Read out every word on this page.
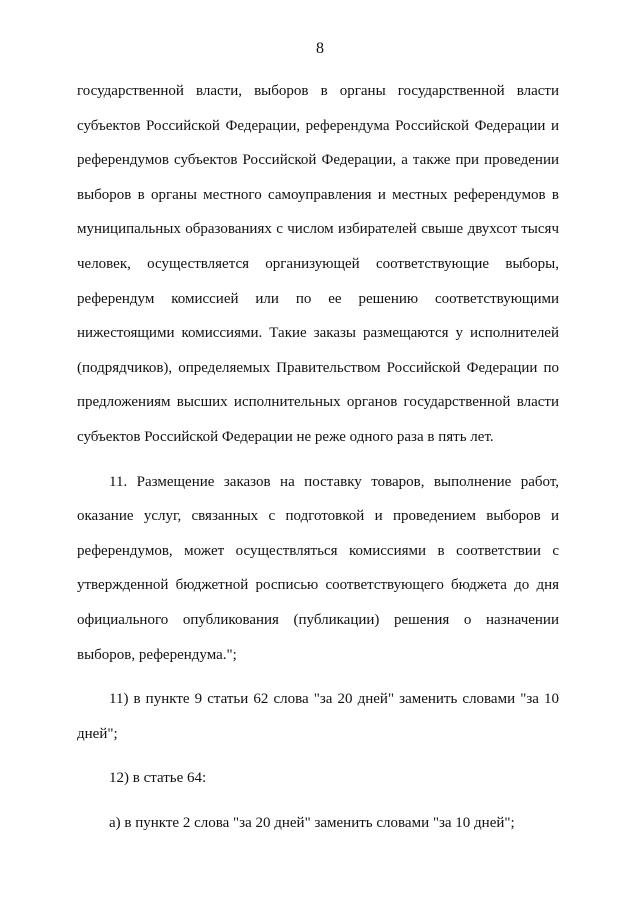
8

государственной власти, выборов в органы государственной власти субъектов Российской Федерации, референдума Российской Федерации и референдумов субъектов Российской Федерации, а также при проведении выборов в органы местного самоуправления и местных референдумов в муниципальных образованиях с числом избирателей свыше двухсот тысяч человек, осуществляется организующей соответствующие выборы, референдум комиссией или по ее решению соответствующими нижестоящими комиссиями. Такие заказы размещаются у исполнителей (подрядчиков), определяемых Правительством Российской Федерации по предложениям высших исполнительных органов государственной власти субъектов Российской Федерации не реже одного раза в пять лет.

11. Размещение заказов на поставку товаров, выполнение работ, оказание услуг, связанных с подготовкой и проведением выборов и референдумов, может осуществляться комиссиями в соответствии с утвержденной бюджетной росписью соответствующего бюджета до дня официального опубликования (публикации) решения о назначении выборов, референдума.";

11) в пункте 9 статьи 62 слова "за 20 дней" заменить словами "за 10 дней";

12) в статье 64:

а) в пункте 2 слова "за 20 дней" заменить словами "за 10 дней";
